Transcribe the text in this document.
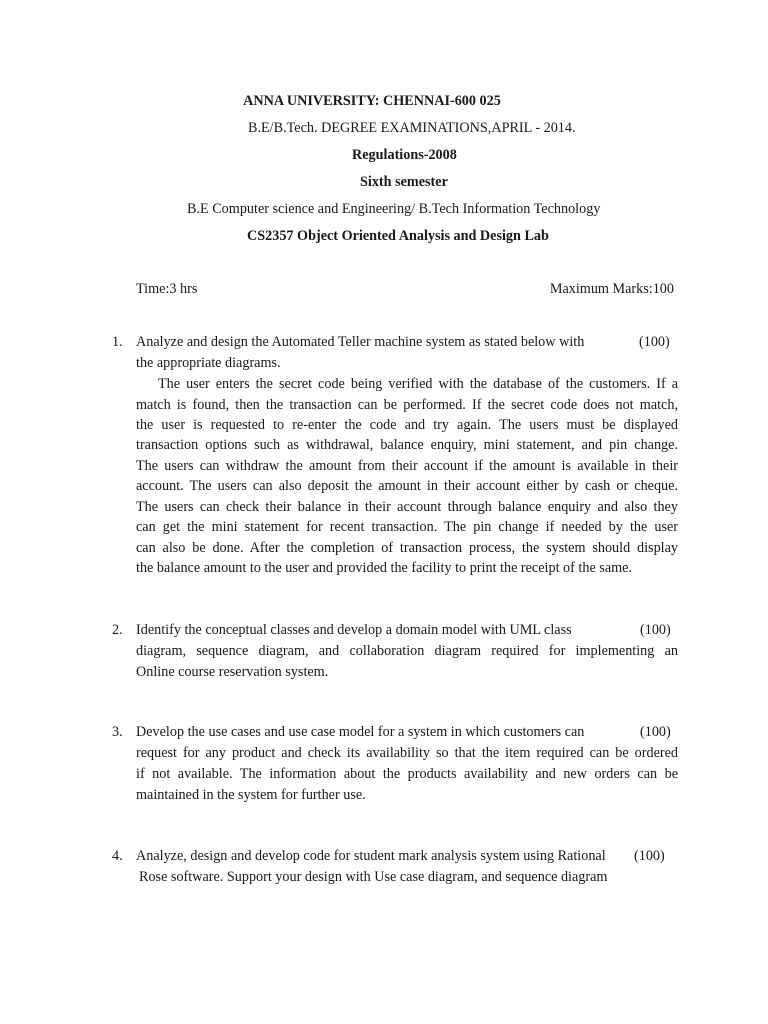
ANNA UNIVERSITY: CHENNAI-600 025
B.E/B.Tech. DEGREE EXAMINATIONS,APRIL - 2014.
Regulations-2008
Sixth semester
B.E Computer science and Engineering/ B.Tech Information Technology
CS2357 Object Oriented Analysis and Design Lab
Time:3 hrs	Maximum Marks:100
1. Analyze and design the Automated Teller machine system as stated below with	(100)
the appropriate diagrams.
The user enters the secret code being verified with the database of the customers. If a
match is found, then the transaction can be performed. If the secret code does not match,
the user is requested to re-enter the code and try again. The users must be displayed
transaction options such as withdrawal, balance enquiry, mini statement, and pin change.
The users can withdraw the amount from their account if the amount is available in their
account. The users can also deposit the amount in their account either by cash or cheque.
The users can check their balance in their account through balance enquiry and also they
can get the mini statement for recent transaction. The pin change if needed by the user
can also be done. After the completion of transaction process, the system should display
the balance amount to the user and provided the facility to print the receipt of the same.
2. Identify the conceptual classes and develop a domain model with UML class	(100)
diagram, sequence diagram, and collaboration diagram required for implementing an
Online course reservation system.
3. Develop the use cases and use case model for a system in which customers can	(100)
request for any product and check its availability so that the item required can be ordered
if not available. The information about the products availability and new orders can be
maintained in the system for further use.
4. Analyze, design and develop code for student mark analysis system using Rational (100)
Rose software. Support your design with Use case diagram, and sequence diagram
